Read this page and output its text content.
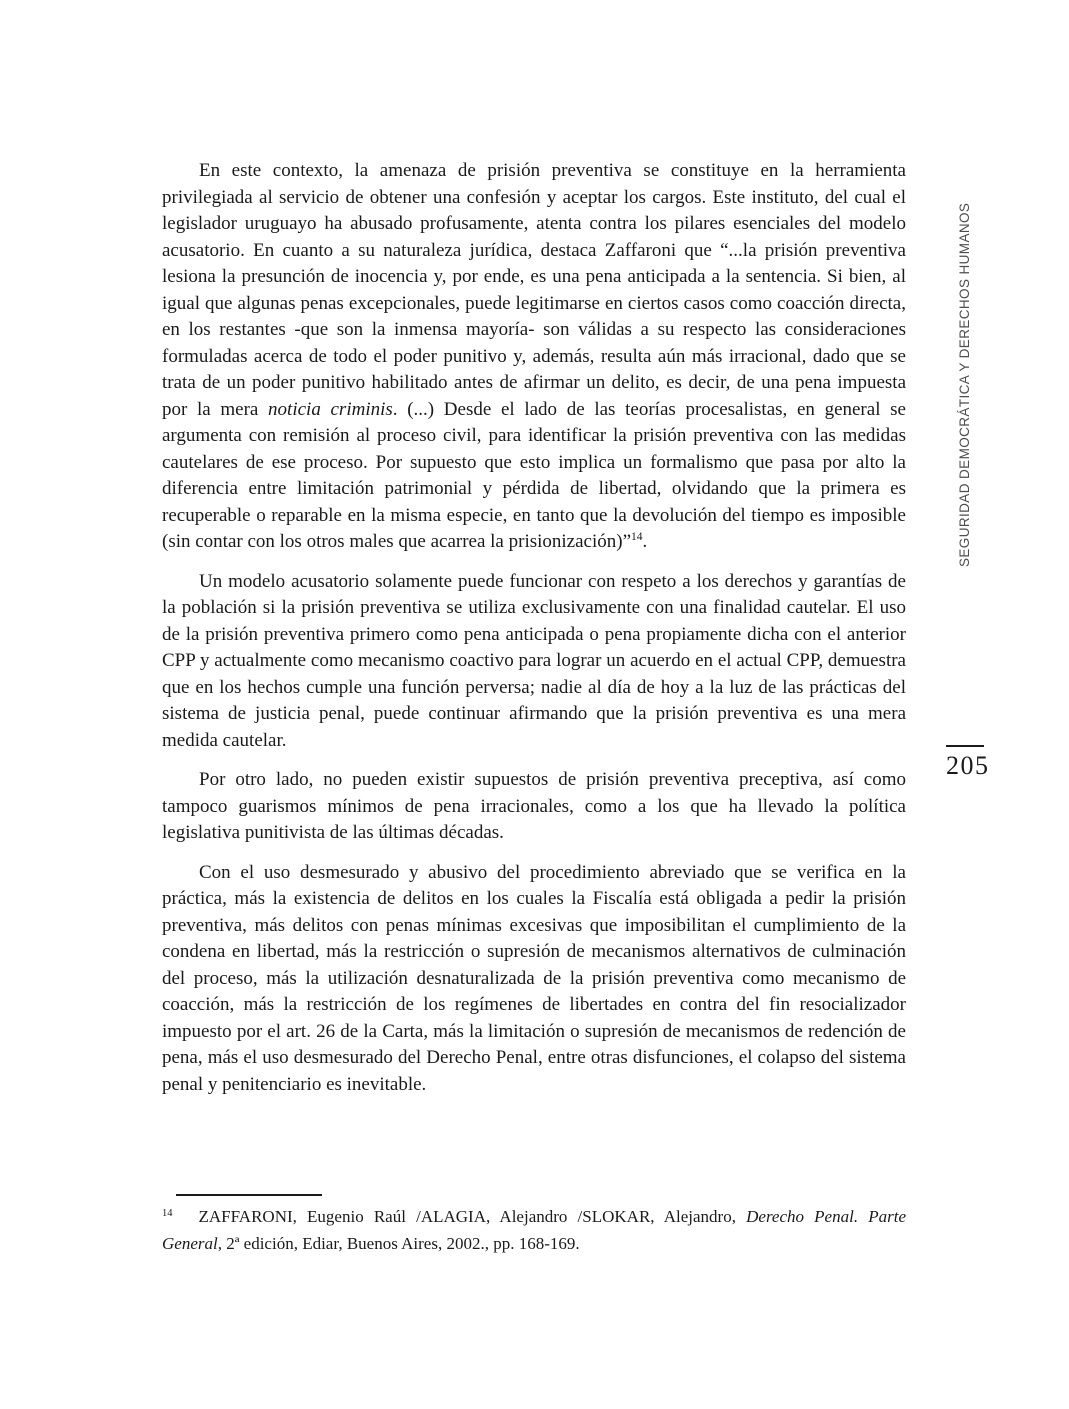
En este contexto, la amenaza de prisión preventiva se constituye en la herramienta privilegiada al servicio de obtener una confesión y aceptar los cargos. Este instituto, del cual el legislador uruguayo ha abusado profusamente, atenta contra los pilares esenciales del modelo acusatorio. En cuanto a su naturaleza jurídica, destaca Zaffaroni que “...la prisión preventiva lesiona la presunción de inocencia y, por ende, es una pena anticipada a la sentencia. Si bien, al igual que algunas penas excepcionales, puede legitimarse en ciertos casos como coacción directa, en los restantes -que son la inmensa mayoría- son válidas a su respecto las consideraciones formuladas acerca de todo el poder punitivo y, además, resulta aún más irracional, dado que se trata de un poder punitivo habilitado antes de afirmar un delito, es decir, de una pena impuesta por la mera noticia criminis. (...) Desde el lado de las teorías procesalistas, en general se argumenta con remisión al proceso civil, para identificar la prisión preventiva con las medidas cautelares de ese proceso. Por supuesto que esto implica un formalismo que pasa por alto la diferencia entre limitación patrimonial y pérdida de libertad, olvidando que la primera es recuperable o reparable en la misma especie, en tanto que la devolución del tiempo es imposible (sin contar con los otros males que acarrea la prisionización)”$^{14}$.

Un modelo acusatorio solamente puede funcionar con respeto a los derechos y garantías de la población si la prisión preventiva se utiliza exclusivamente con una finalidad cautelar. El uso de la prisión preventiva primero como pena anticipada o pena propiamente dicha con el anterior CPP y actualmente como mecanismo coactivo para lograr un acuerdo en el actual CPP, demuestra que en los hechos cumple una función perversa; nadie al día de hoy a la luz de las prácticas del sistema de justicia penal, puede continuar afirmando que la prisión preventiva es una mera medida cautelar.

Por otro lado, no pueden existir supuestos de prisión preventiva preceptiva, así como tampoco guarismos mínimos de pena irracionales, como a los que ha llevado la política legislativa punitivista de las últimas décadas.

Con el uso desmesurado y abusivo del procedimiento abreviado que se verifica en la práctica, más la existencia de delitos en los cuales la Fiscalía está obligada a pedir la prisión preventiva, más delitos con penas mínimas excesivas que imposibilitan el cumplimiento de la condena en libertad, más la restricción o supresión de mecanismos alternativos de culminación del proceso, más la utilización desnaturalizada de la prisión preventiva como mecanismo de coacción, más la restricción de los regímenes de libertades en contra del fin resocializador impuesto por el art. 26 de la Carta, más la limitación o supresión de mecanismos de redención de pena, más el uso desmesurado del Derecho Penal, entre otras disfunciones, el colapso del sistema penal y penitenciario es inevitable.

SEGURIDAD DEMOCRÁTICA Y DERECHOS HUMANOS
205

$^{14}$ ZAFFARONI, Eugenio Raúl /ALAGIA, Alejandro /SLOKAR, Alejandro, Derecho Penal. Parte General, 2ª edición, Ediar, Buenos Aires, 2002., pp. 168-169.
